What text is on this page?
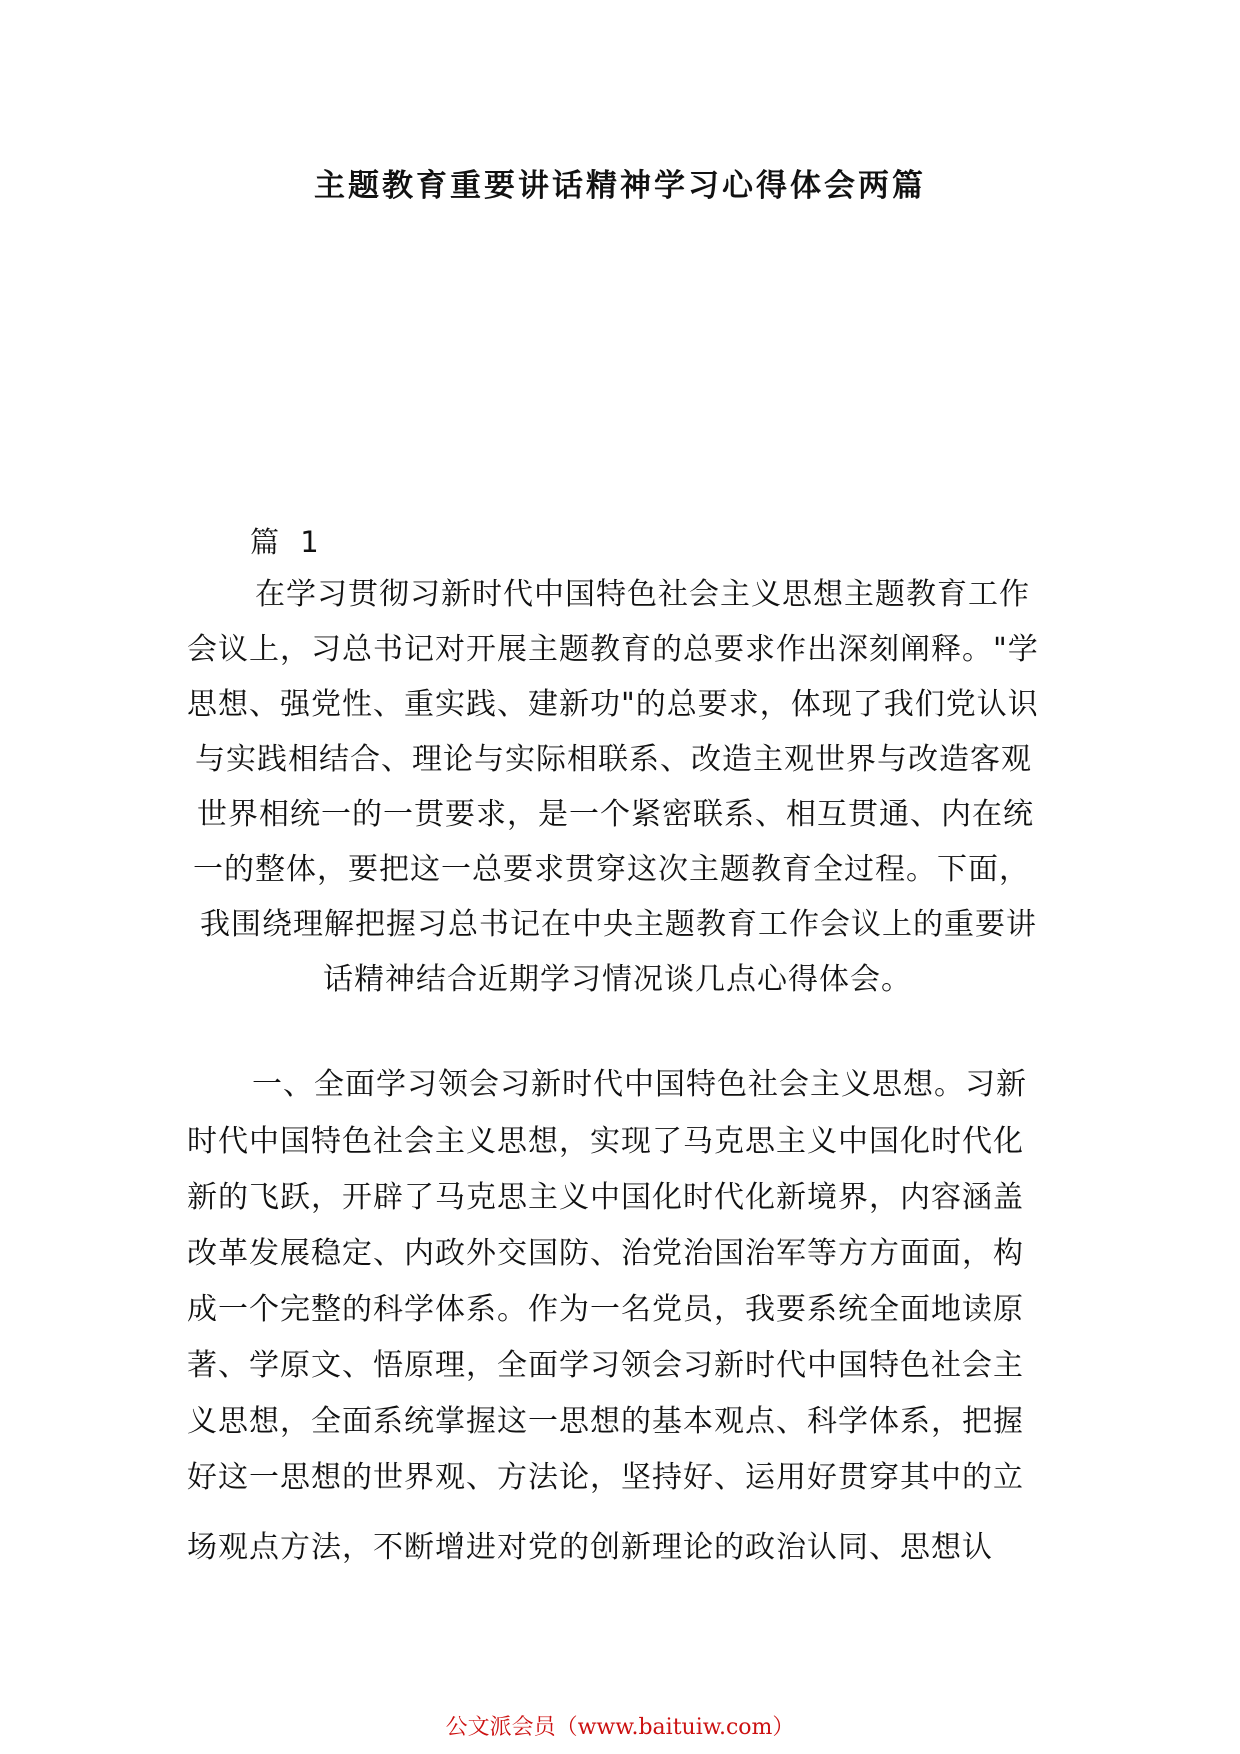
主题教育重要讲话精神学习心得体会两篇
篇 1
在学习贯彻习新时代中国特色社会主义思想主题教育工作
会议上，习总书记对开展主题教育的总要求作出深刻阐释。"学
思想、强党性、重实践、建新功"的总要求，体现了我们党认识
与实践相结合、理论与实际相联系、改造主观世界与改造客观
世界相统一的一贯要求，是一个紧密联系、相互贯通、内在统
一的整体，要把这一总要求贯穿这次主题教育全过程。下面，
我围绕理解把握习总书记在中央主题教育工作会议上的重要讲
话精神结合近期学习情况谈几点心得体会。
一、全面学习领会习新时代中国特色社会主义思想。习新
时代中国特色社会主义思想，实现了马克思主义中国化时代化
新的飞跃，开辟了马克思主义中国化时代化新境界，内容涵盖
改革发展稳定、内政外交国防、治党治国治军等方方面面，构
成一个完整的科学体系。作为一名党员，我要系统全面地读原
著、学原文、悟原理，全面学习领会习新时代中国特色社会主
义思想，全面系统掌握这一思想的基本观点、科学体系，把握
好这一思想的世界观、方法论，坚持好、运用好贯穿其中的立
场观点方法，不断增进对党的创新理论的政治认同、思想认
公文派会员（www.baituiw.com）
